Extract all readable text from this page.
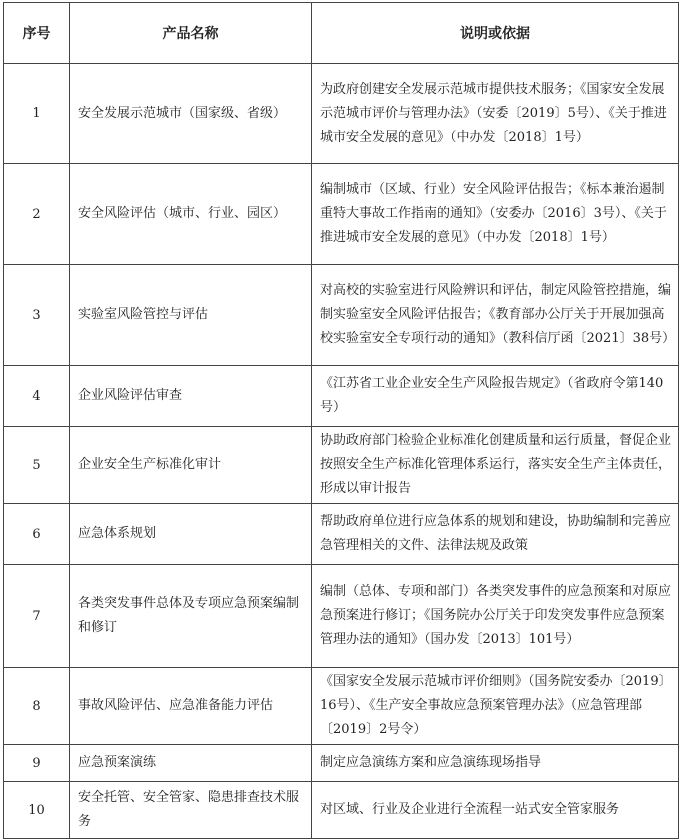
序号	产品名称	说明或依据
1	安全发展示范城市（国家级、省级）	为政府创建安全发展示范城市提供技术服务；《国家安全发展示范城市评价与管理办法》（安委〔2019〕5号）、《关于推进城市安全发展的意见》（中办发〔2018〕1号）
2	安全风险评估（城市、行业、园区）	编制城市（区域、行业）安全风险评估报告；《标本兼治遏制重特大事故工作指南的通知》（安委办〔2016〕3号）、《关于推进城市安全发展的意见》（中办发〔2018〕1号）
3	实验室风险管控与评估	对高校的实验室进行风险辨识和评估，制定风险管控措施，编制实验室安全风险评估报告；《教育部办公厅关于开展加强高校实验室安全专项行动的通知》（教科信厅函〔2021〕38号）
4	企业风险评估审查	《江苏省工业企业安全生产风险报告规定》（省政府令第140号）
5	企业安全生产标准化审计	协助政府部门检验企业标准化创建质量和运行质量，督促企业按照安全生产标准化管理体系运行，落实安全生产主体责任，形成以审计报告
6	应急体系规划	帮助政府单位进行应急体系的规划和建设，协助编制和完善应急管理相关的文件、法律法规及政策
7	各类突发事件总体及专项应急预案编制和修订	编制（总体、专项和部门）各类突发事件的应急预案和对原应急预案进行修订；《国务院办公厅关于印发突发事件应急预案管理办法的通知》（国办发〔2013〕101号）
8	事故风险评估、应急准备能力评估	《国家安全发展示范城市评价细则》（国务院安委办〔2019〕16号）、《生产安全事故应急预案管理办法》（应急管理部〔2019〕2号令）
9	应急预案演练	制定应急演练方案和应急演练现场指导
10	安全托管、安全管家、隐患排查技术服务	对区域、行业及企业进行全流程一站式安全管家服务
